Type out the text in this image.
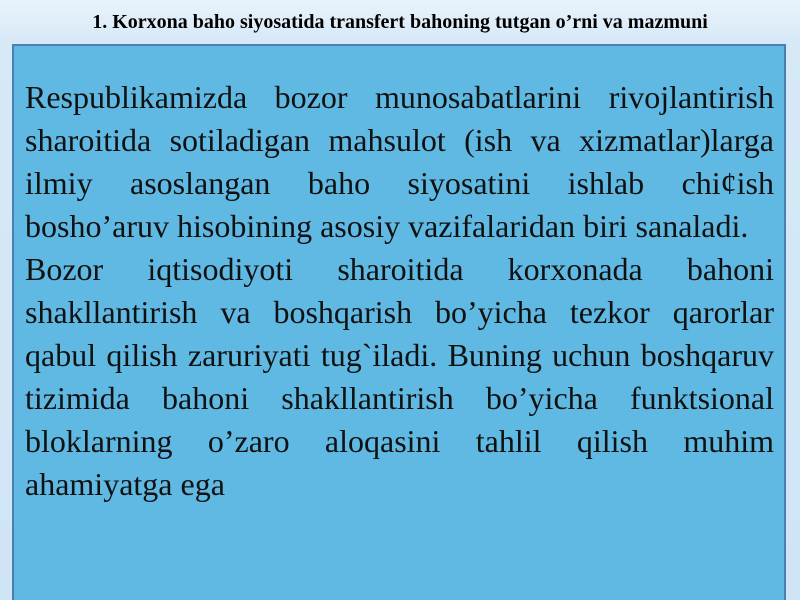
1. Korxona baho siyosatida transfert bahoning tutgan o’rni va mazmuni

Respublikamizda bozor munosabatlarini rivojlantirish sharoitida sotiladigan mahsulot (ish va xizmatlar)larga ilmiy asoslangan baho siyosatini ishlab chi¢ish bosho’aruv hisobining asosiy vazifalaridan biri sanaladi.

Bozor iqtisodiyoti sharoitida korxonada bahoni shakllantirish va boshqarish bo’yicha tezkor qarorlar qabul qilish zaruriyati tug`iladi. Buning uchun boshqaruv tizimida bahoni shakllantirish bo’yicha funktsional bloklarning o’zaro aloqasini tahlil qilish muhim ahamiyatga ega
